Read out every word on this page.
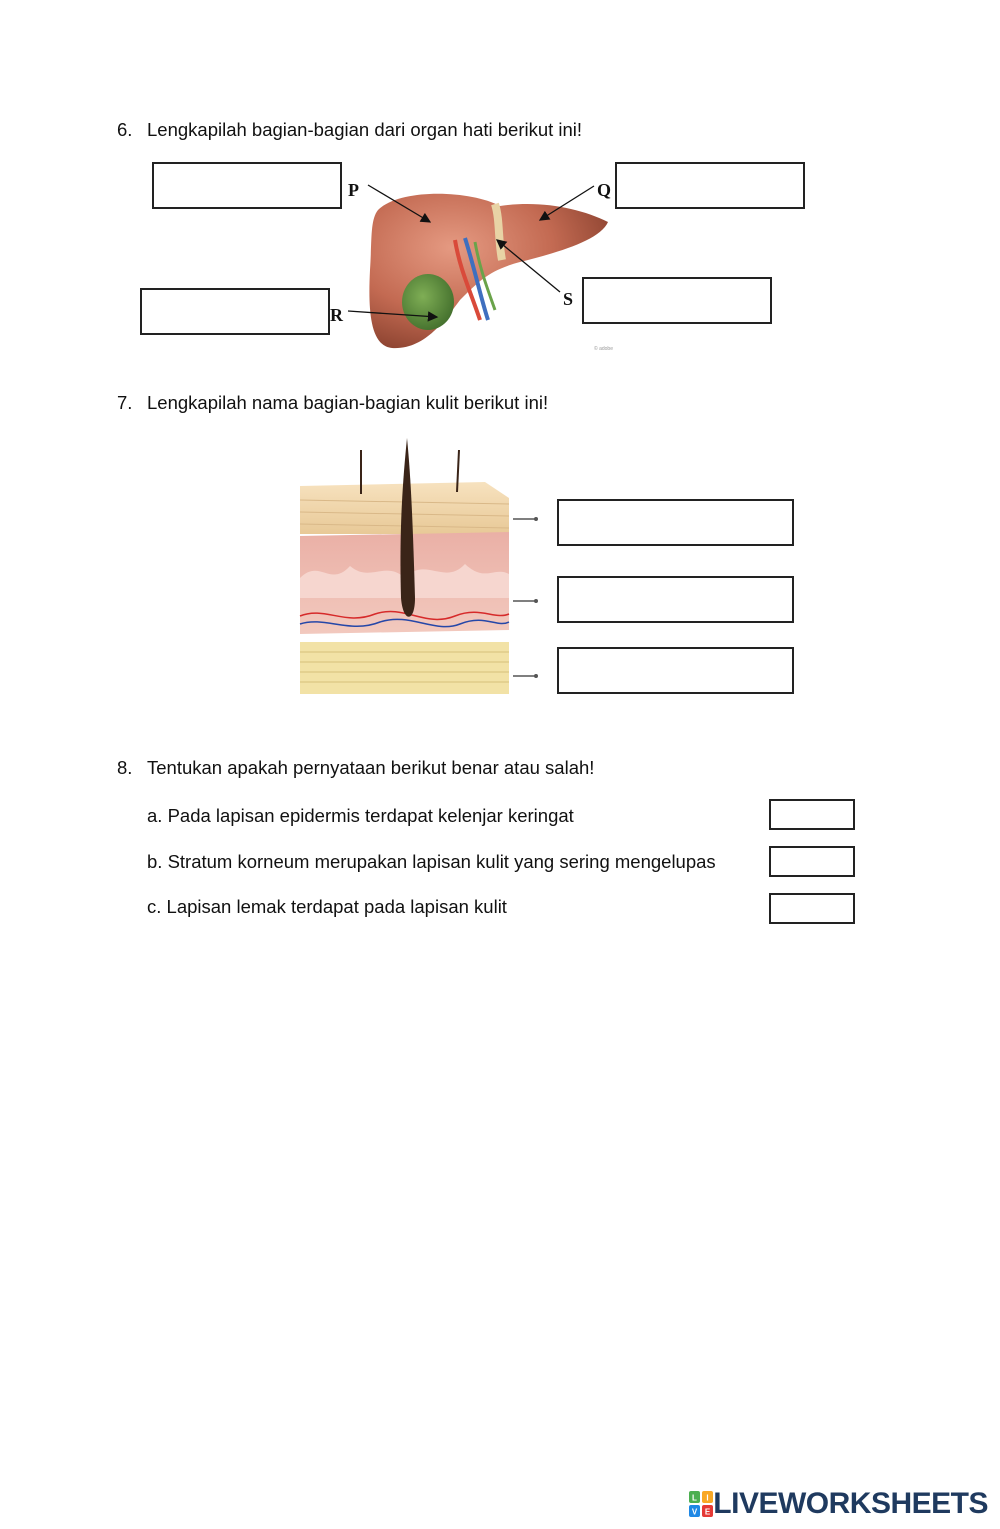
6. Lengkapilah bagian-bagian dari organ hati berikut ini!
© adobe
P	Q
R
S
7. Lengkapilah nama bagian-bagian kulit berikut ini!
8. Tentukan apakah pernyataan berikut benar atau salah!
a. Pada lapisan epidermis terdapat kelenjar keringat
b. Stratum korneum merupakan lapisan kulit yang sering mengelupas
c. Lapisan lemak terdapat pada lapisan kulit
L I
V E LIVEWORKSHEETS
